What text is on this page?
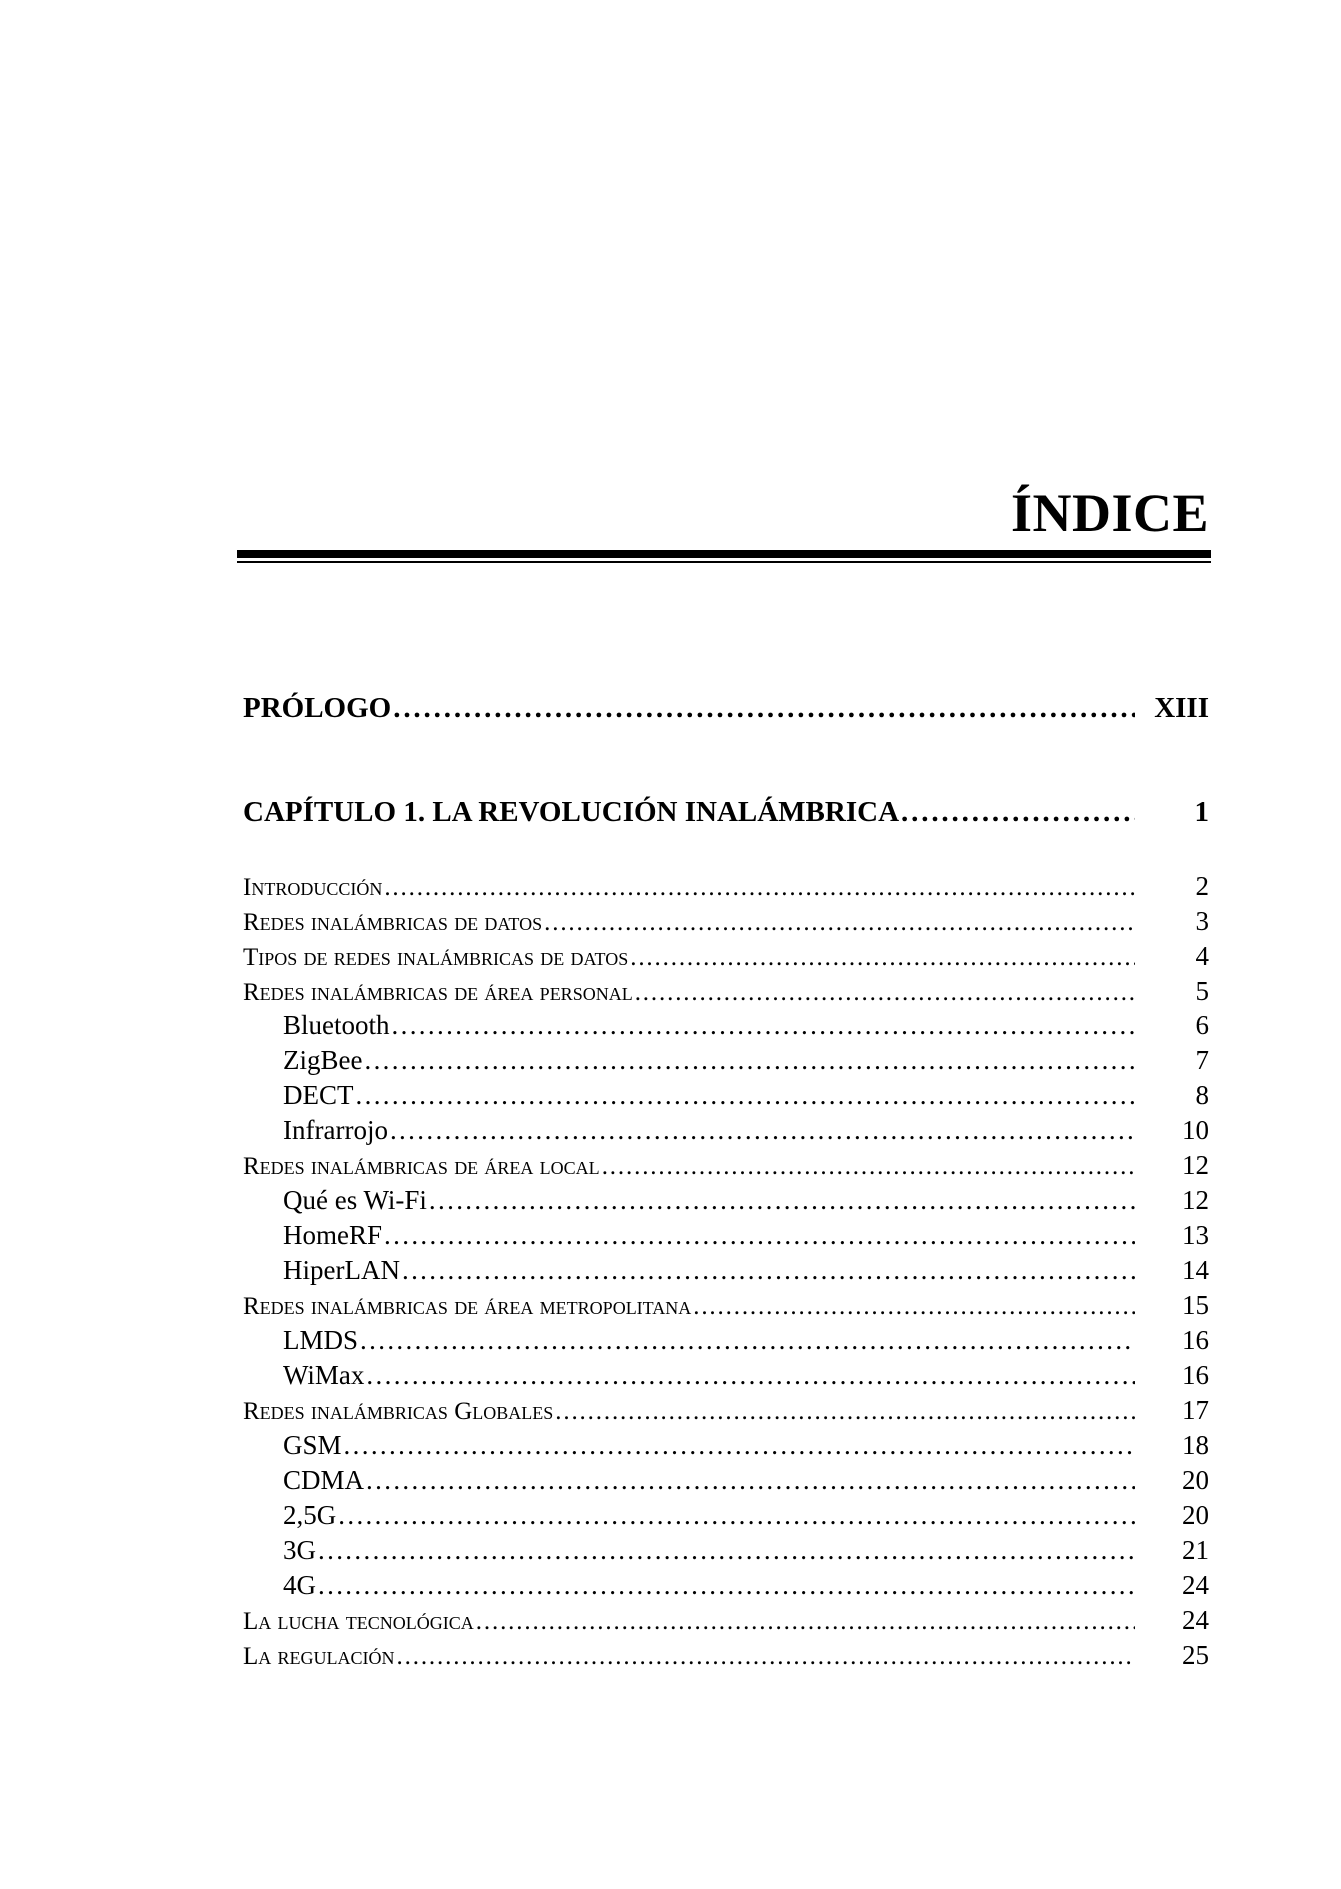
ÍNDICE
PRÓLOGO . . .	XIII
CAPÍTULO 1. LA REVOLUCIÓN INALÁMBRICA . . .	1
Introducción . . .	2
Redes inalámbricas de datos . . .	3
Tipos de redes inalámbricas de datos . . .	4
Redes inalámbricas de área personal . . .	5
Bluetooth . . .	6
ZigBee . . .	7
DECT . . .	8
Infrarrojo . . .	10
Redes inalámbricas de área local . . .	12
Qué es Wi-Fi . . .	12
HomeRF . . .	13
HiperLAN . . .	14
Redes inalámbricas de área metropolitana . . .	15
LMDS . . .	16
WiMax . . .	16
Redes inalámbricas Globales . . .	17
GSM . . .	18
CDMA . . .	20
2,5G . . .	20
3G . . .	21
4G . . .	24
La lucha tecnológica . . .	24
La regulación . . .	25
